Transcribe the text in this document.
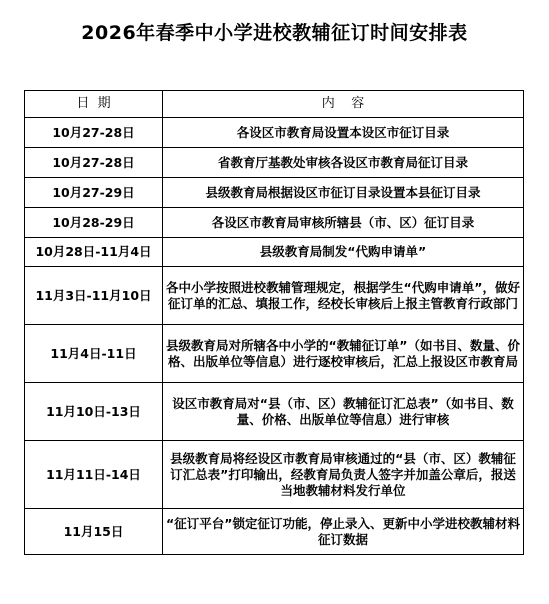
2026年春季中小学进校教辅征订时间安排表
日  期	内    容
10月27-28日	各设区市教育局设置本设区市征订目录
10月27-28日	省教育厅基教处审核各设区市教育局征订目录
10月27-29日	县级教育局根据设区市征订目录设置本县征订目录
10月28-29日	各设区市教育局审核所辖县（市、区）征订目录
10月28日-11月4日	县级教育局制发“代购申请单”
11月3日-11月10日	各中小学按照进校教辅管理规定，根据学生“代购申请单”，做好征订单的汇总、填报工作，经校长审核后上报主管教育行政部门
11月4日-11日	县级教育局对所辖各中小学的“教辅征订单”（如书目、数量、价格、出版单位等信息）进行逐校审核后，汇总上报设区市教育局
11月10日-13日	设区市教育局对“县（市、区）教辅征订汇总表”（如书目、数量、价格、出版单位等信息）进行审核
11月11日-14日	县级教育局将经设区市教育局审核通过的“县（市、区）教辅征订汇总表”打印输出，经教育局负责人签字并加盖公章后，报送当地教辅材料发行单位
11月15日	“征订平台”锁定征订功能，停止录入、更新中小学进校教辅材料征订数据
